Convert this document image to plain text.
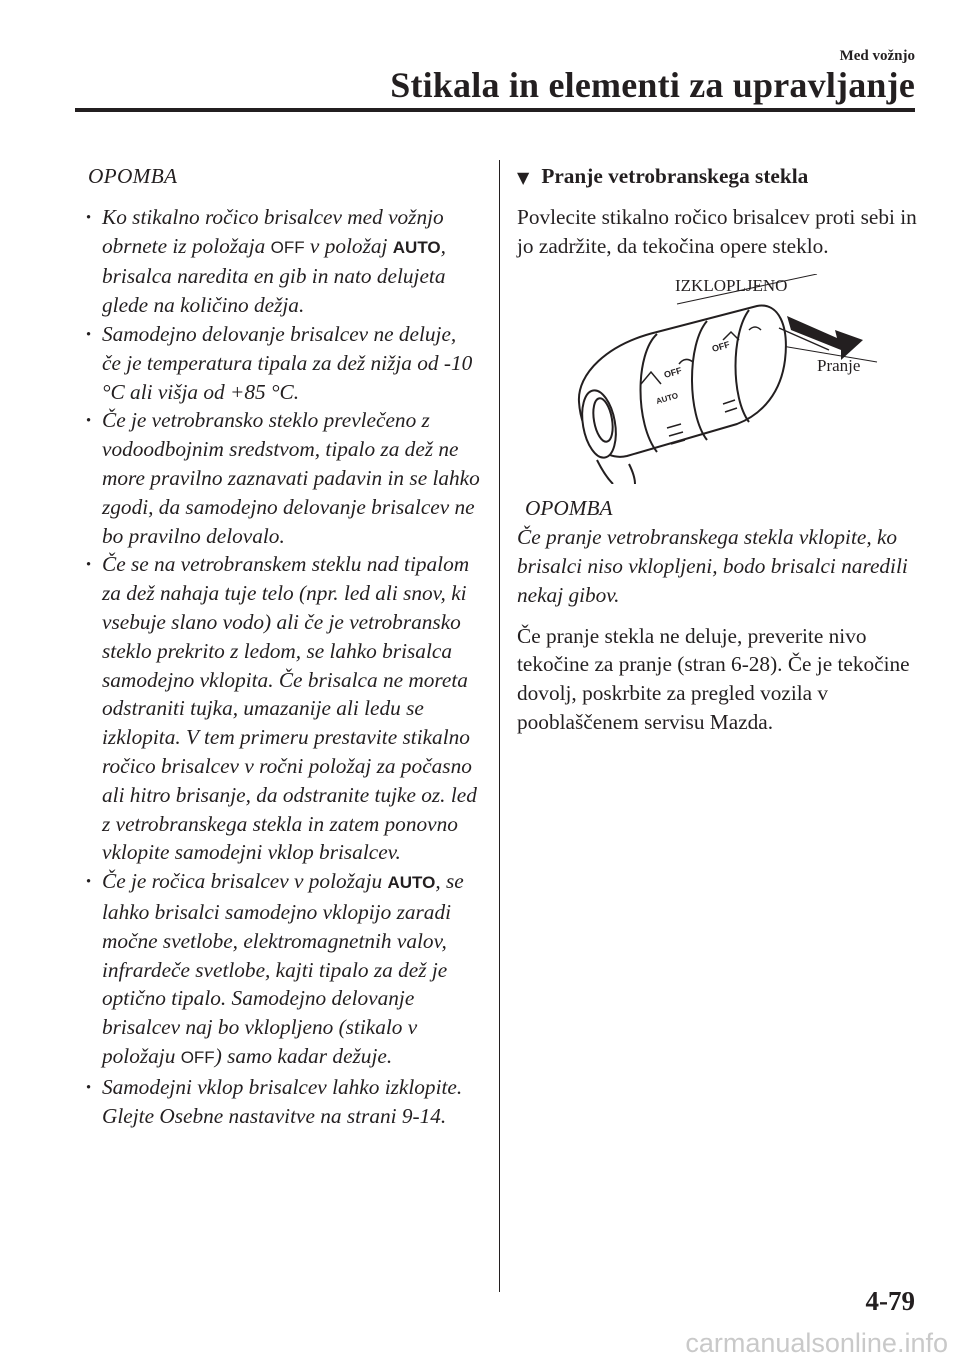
Med vožnjo
Stikala in elementi za upravljanje
OPOMBA
· Ko stikalno ročico brisalcev med vožnjo obrnete iz položaja OFF v položaj AUTO, brisalca naredita en gib in nato delujeta glede na količino dežja.
· Samodejno delovanje brisalcev ne deluje, če je temperatura tipala za dež nižja od -10 °C ali višja od +85 °C.
· Če je vetrobransko steklo prevlečeno z vodoodbojnim sredstvom, tipalo za dež ne more pravilno zaznavati padavin in se lahko zgodi, da samodejno delovanje brisalcev ne bo pravilno delovalo.
· Če se na vetrobranskem steklu nad tipalom za dež nahaja tuje telo (npr. led ali snov, ki vsebuje slano vodo) ali če je vetrobransko steklo prekrito z ledom, se lahko brisalca samodejno vklopita. Če brisalca ne moreta odstraniti tujka, umazanije ali ledu se izklopita. V tem primeru prestavite stikalno ročico brisalcev v ročni položaj za počasno ali hitro brisanje, da odstranite tujke oz. led z vetrobranskega stekla in zatem ponovno vklopite samodejni vklop brisalcev.
· Če je ročica brisalcev v položaju AUTO, se lahko brisalci samodejno vklopijo zaradi močne svetlobe, elektromagnetnih valov, infrardeče svetlobe, kajti tipalo za dež je optično tipalo. Samodejno delovanje brisalcev naj bo vklopljeno (stikalo v položaju OFF) samo kadar dežuje.
· Samodejni vklop brisalcev lahko izklopite.
Glejte Osebne nastavitve na strani 9-14.
▼ Pranje vetrobranskega stekla

Povlecite stikalno ročico brisalcev proti sebi in jo zadržite, da tekočina opere steklo.

OFF
AUTO
OFF
IZKLOPLJENO
Pranje
OPOMBA
Če pranje vetrobranskega stekla vklopite, ko brisalci niso vklopljeni, bodo brisalci naredili nekaj gibov.

Če pranje stekla ne deluje, preverite nivo tekočine za pranje (stran 6-28). Če je tekočine dovolj, poskrbite za pregled vozila v pooblaščenem servisu Mazda.

4-79
carmanualsonline.info
